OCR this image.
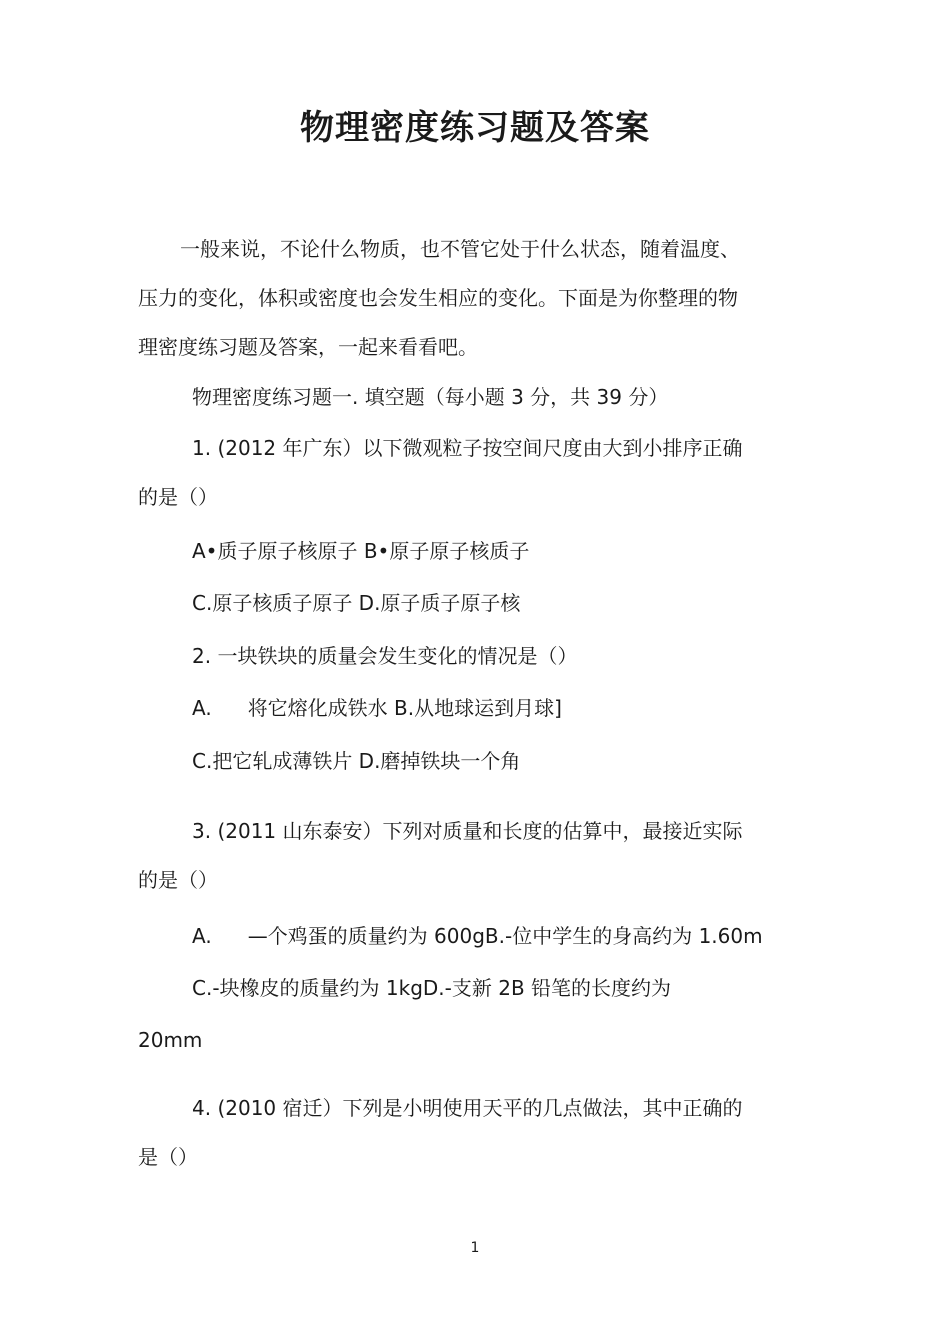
物理密度练习题及答案
一般来说，不论什么物质，也不管它处于什么状态，随着温度、
压力的变化，体积或密度也会发生相应的变化。下面是为你整理的物
理密度练习题及答案，一起来看看吧。
物理密度练习题一. 填空题（每小题 3 分，共 39 分）
1. (2012 年广东）以下微观粒子按空间尺度由大到小排序正确
的是（）
A•质子原子核原子 B•原子原子核质子
C.原子核质子原子 D.原子质子原子核
2. 一块铁块的质量会发生变化的情况是（）
A. 将它熔化成铁水 B.从地球运到月球]
C.把它轧成薄铁片 D.磨掉铁块一个角
3. (2011 山东泰安）下列对质量和长度的估算中，最接近实际
的是（）
A. —个鸡蛋的质量约为 600gB.-位中学生的身高约为 1.60m
C.-块橡皮的质量约为 1kgD.-支新 2B 铅笔的长度约为
20mm
4. (2010 宿迁）下列是小明使用天平的几点做法，其中正确的
是（）
1
